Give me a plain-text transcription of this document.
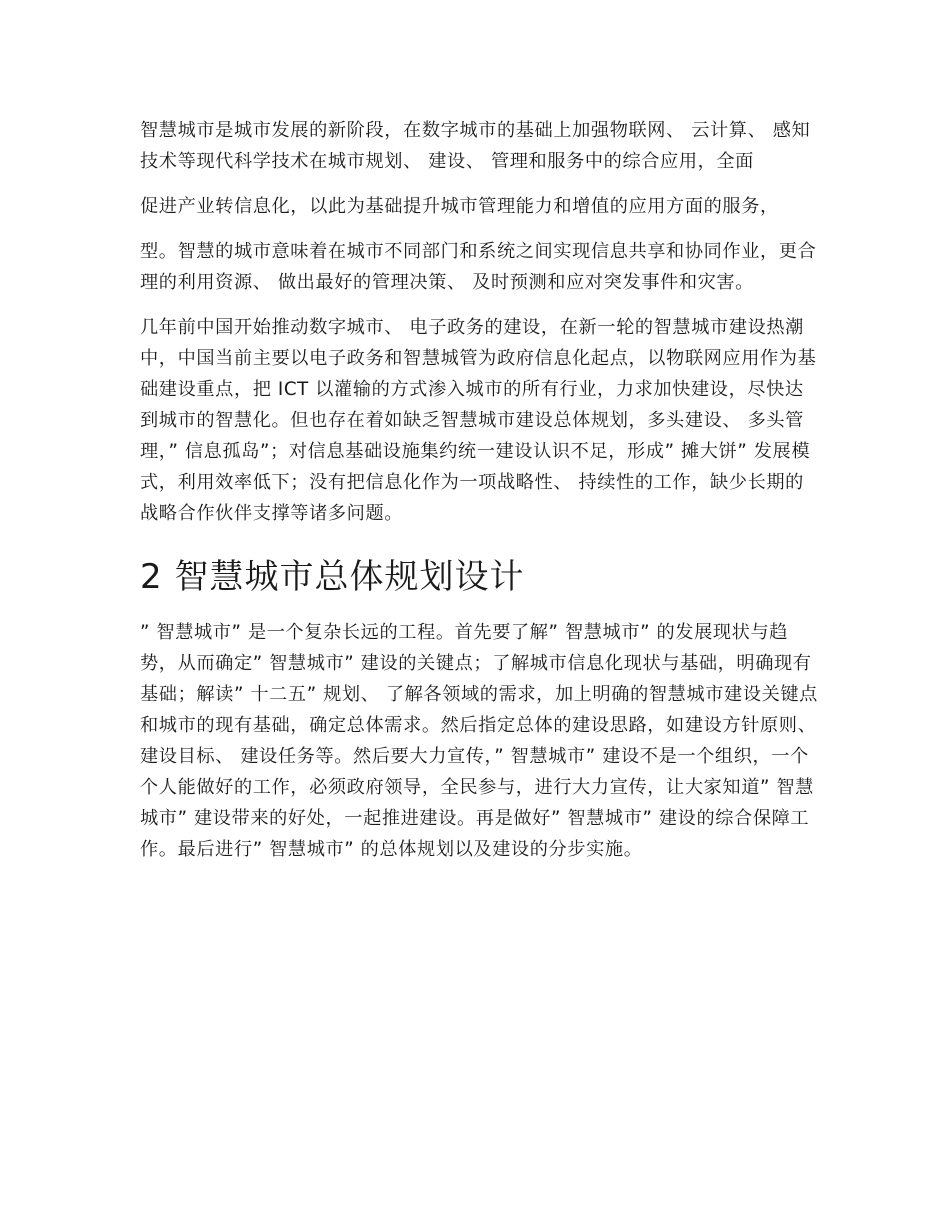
智慧城市是城市发展的新阶段，在数字城市的基础上加强物联网、 云计算、 感知技术等现代科学技术在城市规划、 建设、 管理和服务中的综合应用，全面

促进产业转信息化，以此为基础提升城市管理能力和增值的应用方面的服务，

型。智慧的城市意味着在城市不同部门和系统之间实现信息共享和协同作业，更合理的利用资源、 做出最好的管理决策、 及时预测和应对突发事件和灾害。

几年前中国开始推动数字城市、 电子政务的建设，在新一轮的智慧城市建设热潮中，中国当前主要以电子政务和智慧城管为政府信息化起点，以物联网应用作为基础建设重点，把 ICT 以灌输的方式渗入城市的所有行业，力求加快建设，尽快达到城市的智慧化。但也存在着如缺乏智慧城市建设总体规划，多头建设、 多头管理，” 信息孤岛”；对信息基础设施集约统一建设认识不足，形成” 摊大饼” 发展模式，利用效率低下；没有把信息化作为一项战略性、 持续性的工作，缺少长期的战略合作伙伴支撑等诸多问题。

2 智慧城市总体规划设计

” 智慧城市” 是一个复杂长远的工程。首先要了解” 智慧城市” 的发展现状与趋势，从而确定” 智慧城市” 建设的关键点；了解城市信息化现状与基础，明确现有基础；解读” 十二五” 规划、 了解各领域的需求，加上明确的智慧城市建设关键点和城市的现有基础，确定总体需求。然后指定总体的建设思路，如建设方针原则、 建设目标、 建设任务等。然后要大力宣传，” 智慧城市” 建设不是一个组织，一个个人能做好的工作，必须政府领导，全民参与，进行大力宣传，让大家知道” 智慧城市” 建设带来的好处，一起推进建设。再是做好” 智慧城市” 建设的综合保障工作。最后进行” 智慧城市” 的总体规划以及建设的分步实施。
